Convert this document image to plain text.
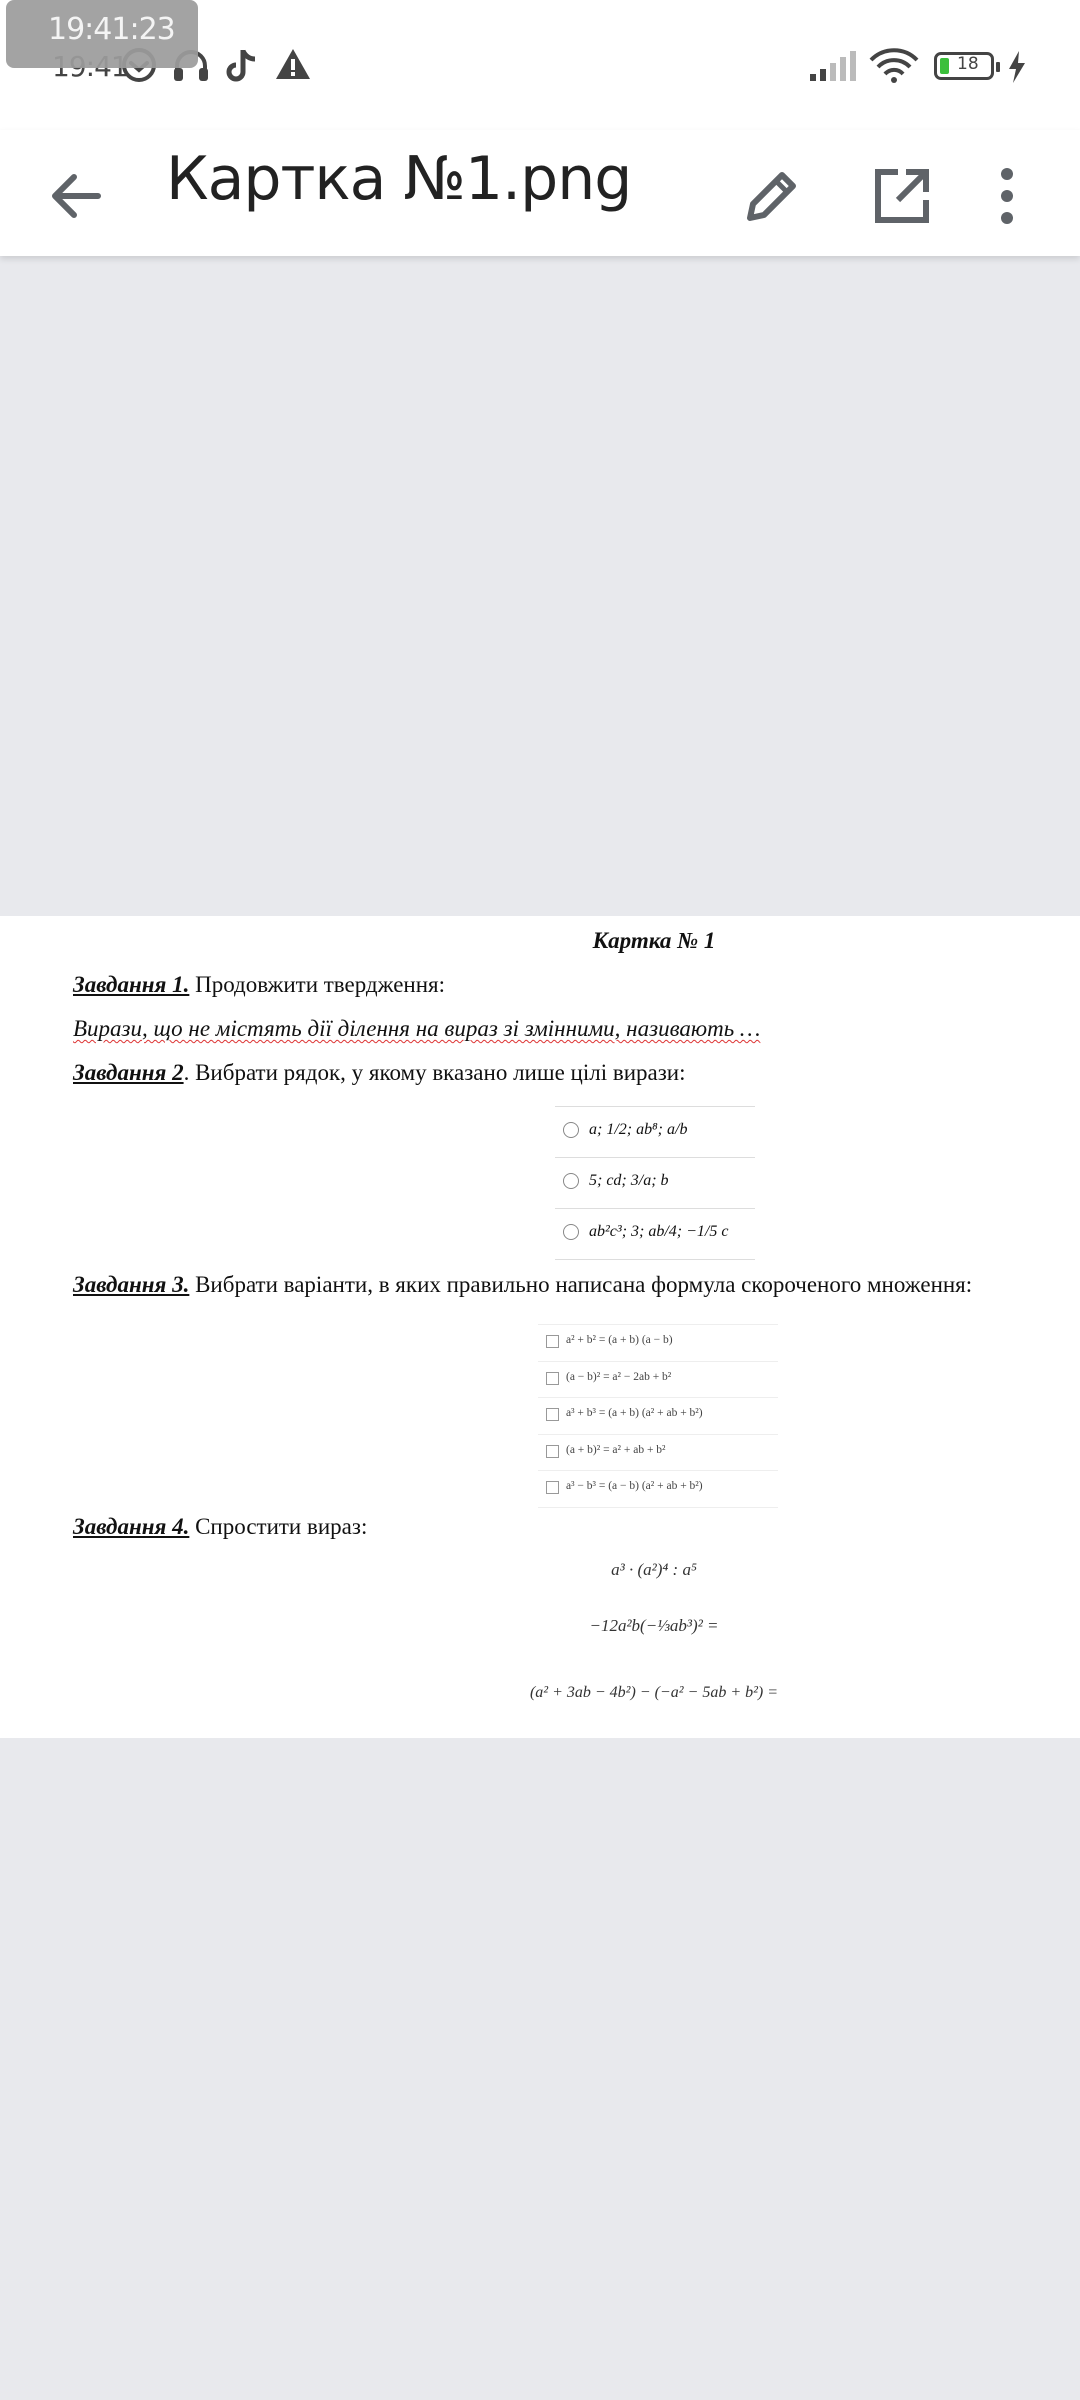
18
19:41:23
Картка №1.png
Картка № 1
Завдання 1. Продовжити твердження:
Вирази, що не містять дії ділення на вираз зі змінними, називають …
Завдання 2. Вибрати рядок, у якому вказано лише цілі вирази:
a; 1/2; ab⁸; a/b
5; cd; 3/a; b
ab²c³; 3; ab/4; −1/5 c
Завдання 3. Вибрати варіанти, в яких правильно написана формула скороченого множення:
a² + b² = (a + b) (a − b)
(a − b)² = a² − 2ab + b²
a³ + b³ = (a + b) (a² + ab + b²)
(a + b)² = a² + ab + b²
a³ − b³ = (a − b) (a² + ab + b²)
Завдання 4. Спростити вираз:
a³ · (a²)⁴ : a⁵
−12a²b(−⅓ab³)² =
(a² + 3ab − 4b²) − (−a² − 5ab + b²) =
